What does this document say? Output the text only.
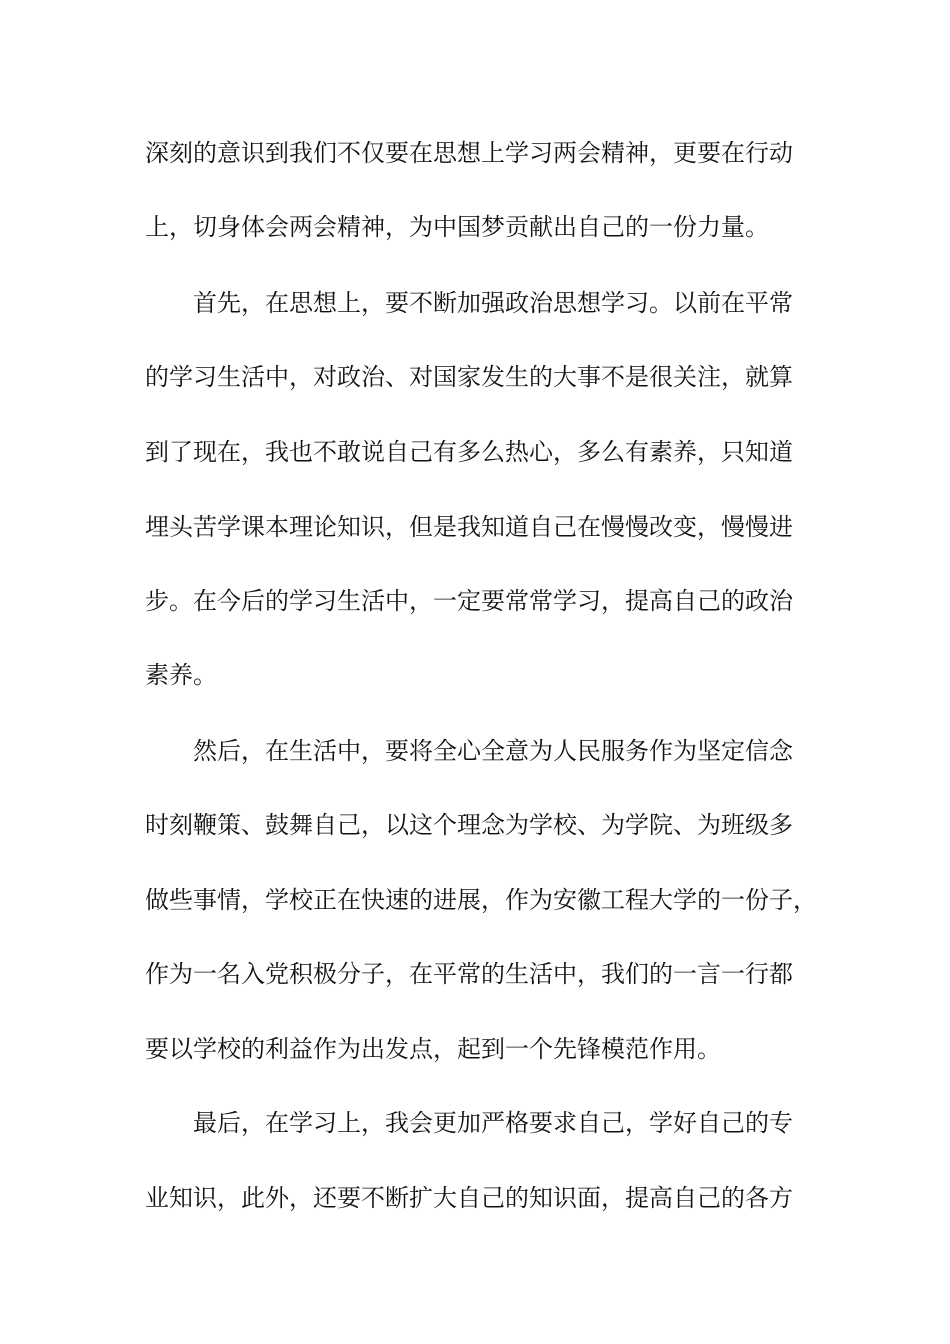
深刻的意识到我们不仅要在思想上学习两会精神，更要在行动

上，切身体会两会精神，为中国梦贡献出自己的一份力量。

首先，在思想上，要不断加强政治思想学习。以前在平常

的学习生活中，对政治、对国家发生的大事不是很关注，就算

到了现在，我也不敢说自己有多么热心，多么有素养，只知道

埋头苦学课本理论知识，但是我知道自己在慢慢改变，慢慢进

步。在今后的学习生活中，一定要常常学习，提高自己的政治

素养。

然后，在生活中，要将全心全意为人民服务作为坚定信念

时刻鞭策、鼓舞自己，以这个理念为学校、为学院、为班级多

做些事情，学校正在快速的进展，作为安徽工程大学的一份子，

作为一名入党积极分子，在平常的生活中，我们的一言一行都

要以学校的利益作为出发点，起到一个先锋模范作用。

最后，在学习上，我会更加严格要求自己，学好自己的专

业知识，此外，还要不断扩大自己的知识面，提高自己的各方
